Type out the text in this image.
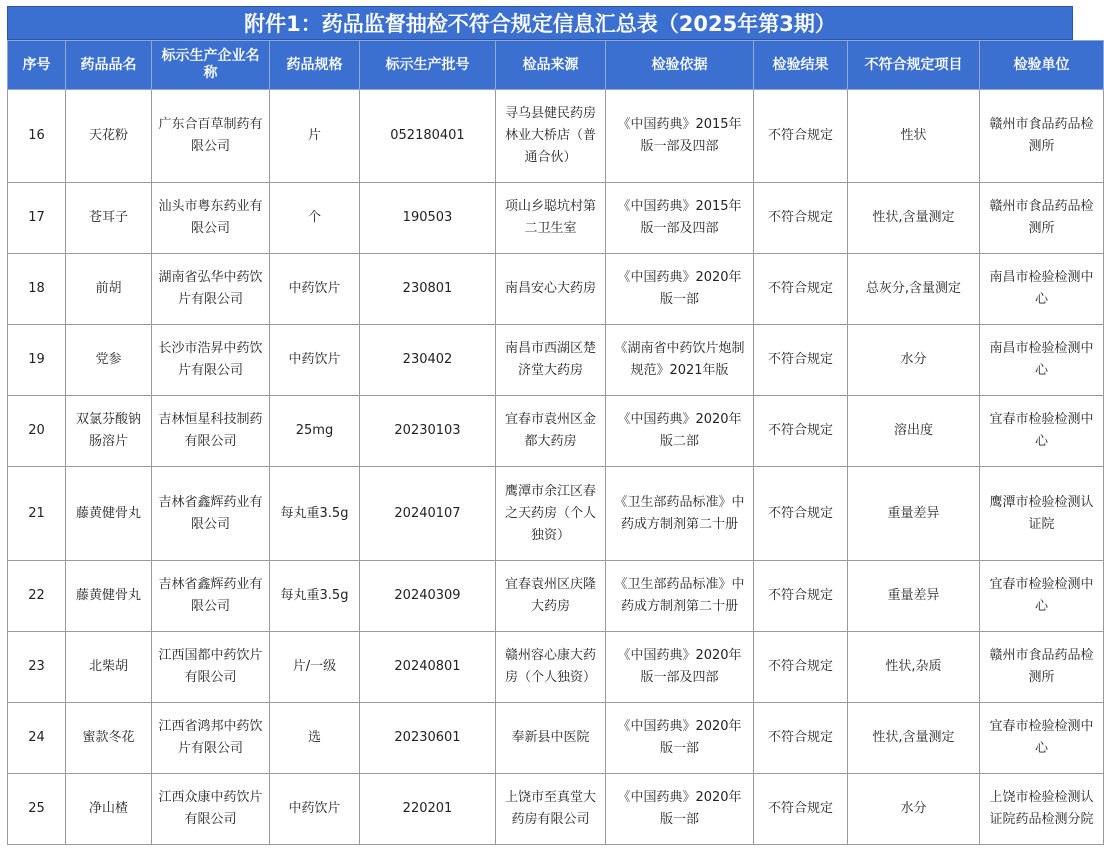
附件1：药品监督抽检不符合规定信息汇总表（2025年第3期）
序号	药品品名	标示生产企业名称	药品规格	标示生产批号	检品来源	检验依据	检验结果	不符合规定项目	检验单位
16	天花粉	广东合百草制药有限公司	片	052180401	寻乌县健民药房林业大桥店（普通合伙）	《中国药典》2015年版一部及四部	不符合规定	性状	赣州市食品药品检测所
17	苍耳子	汕头市粤东药业有限公司	个	190503	项山乡聪坑村第二卫生室	《中国药典》2015年版一部及四部	不符合规定	性状,含量测定	赣州市食品药品检测所
18	前胡	湖南省弘华中药饮片有限公司	中药饮片	230801	南昌安心大药房	《中国药典》2020年版一部	不符合规定	总灰分,含量测定	南昌市检验检测中心
19	党参	长沙市浩昇中药饮片有限公司	中药饮片	230402	南昌市西湖区楚济堂大药房	《湖南省中药饮片炮制规范》2021年版	不符合规定	水分	南昌市检验检测中心
20	双氯芬酸钠肠溶片	吉林恒星科技制药有限公司	25mg	20230103	宜春市袁州区金都大药房	《中国药典》2020年版二部	不符合规定	溶出度	宜春市检验检测中心
21	藤黄健骨丸	吉林省鑫辉药业有限公司	每丸重3.5g	20240107	鹰潭市余江区春之天药房（个人独资）	《卫生部药品标准》中药成方制剂第二十册	不符合规定	重量差异	鹰潭市检验检测认证院
22	藤黄健骨丸	吉林省鑫辉药业有限公司	每丸重3.5g	20240309	宜春袁州区庆隆大药房	《卫生部药品标准》中药成方制剂第二十册	不符合规定	重量差异	宜春市检验检测中心
23	北柴胡	江西国都中药饮片有限公司	片/一级	20240801	赣州容心康大药房（个人独资）	《中国药典》2020年版一部及四部	不符合规定	性状,杂质	赣州市食品药品检测所
24	蜜款冬花	江西省鸿邦中药饮片有限公司	选	20230601	奉新县中医院	《中国药典》2020年版一部	不符合规定	性状,含量测定	宜春市检验检测中心
25	净山楂	江西众康中药饮片有限公司	中药饮片	220201	上饶市至真堂大药房有限公司	《中国药典》2020年版一部	不符合规定	水分	上饶市检验检测认证院药品检测分院
